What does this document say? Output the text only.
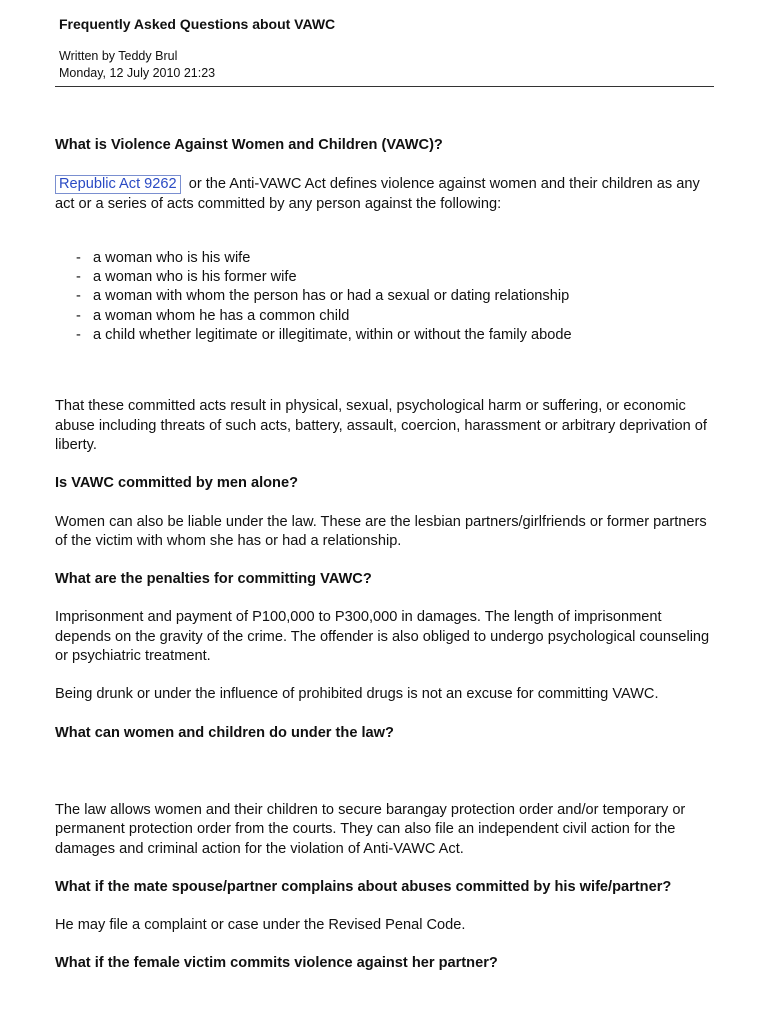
Frequently Asked Questions about VAWC
Written by Teddy Brul
Monday, 12 July 2010 21:23

What is Violence Against Women and Children (VAWC)?

Republic Act 9262 or the Anti-VAWC Act defines violence against women and their children as any act or a series of acts committed by any person against the following:

- a woman who is his wife
- a woman who is his former wife
- a woman with whom the person has or had a sexual or dating relationship
- a woman whom he has a common child
- a child whether legitimate or illegitimate, within or without the family abode

That these committed acts result in physical, sexual, psychological harm or suffering, or economic abuse including threats of such acts, battery, assault, coercion, harassment or arbitrary deprivation of liberty.

Is VAWC committed by men alone?

Women can also be liable under the law. These are the lesbian partners/girlfriends or former partners of the victim with whom she has or had a relationship.

What are the penalties for committing VAWC?

Imprisonment and payment of P100,000 to P300,000 in damages. The length of imprisonment depends on the gravity of the crime. The offender is also obliged to undergo psychological counseling or psychiatric treatment.

Being drunk or under the influence of prohibited drugs is not an excuse for committing VAWC.

What can women and children do under the law?

The law allows women and their children to secure barangay protection order and/or temporary or permanent protection order from the courts. They can also file an independent civil action for the damages and criminal action for the violation of Anti-VAWC Act.

What if the mate spouse/partner complains about abuses committed by his wife/partner?

He may file a complaint or case under the Revised Penal Code.

What if the female victim commits violence against her partner?
